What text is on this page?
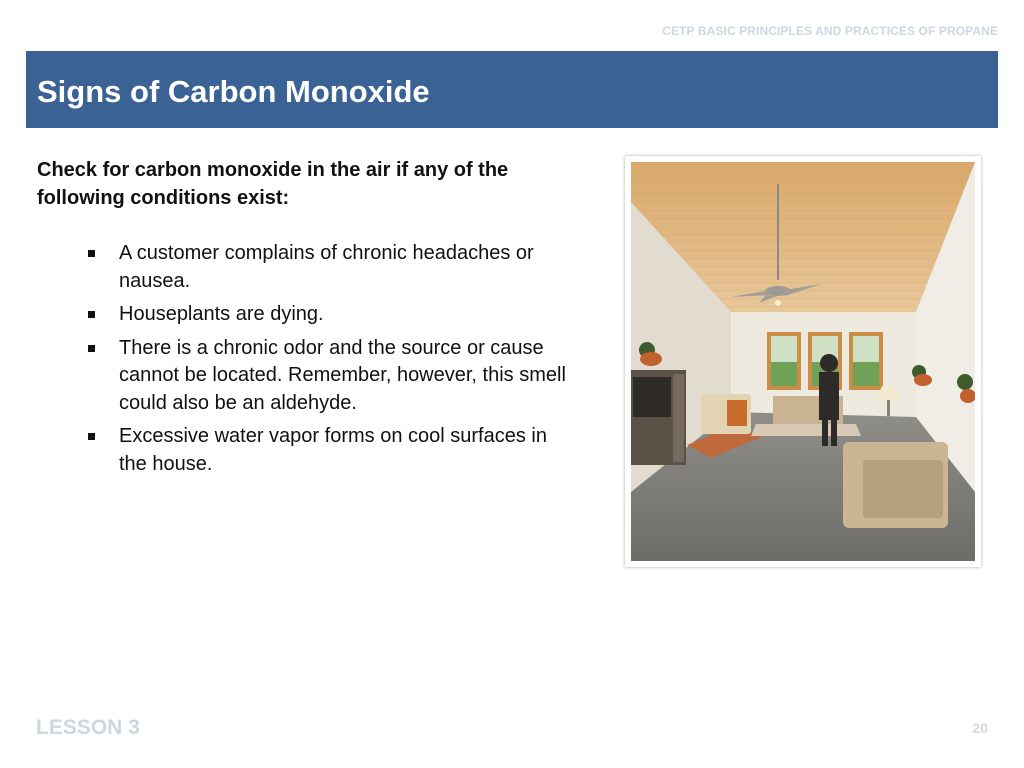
CETP BASIC PRINCIPLES AND PRACTICES OF PROPANE
Signs of Carbon Monoxide
Check for carbon monoxide in the air if any of the following conditions exist:
A customer complains of chronic headaches or nausea.
Houseplants are dying.
There is a chronic odor and the source or cause cannot be located. Remember, however, this smell could also be an aldehyde.
Excessive water vapor forms on cool surfaces in the house.
LESSON 3	20
